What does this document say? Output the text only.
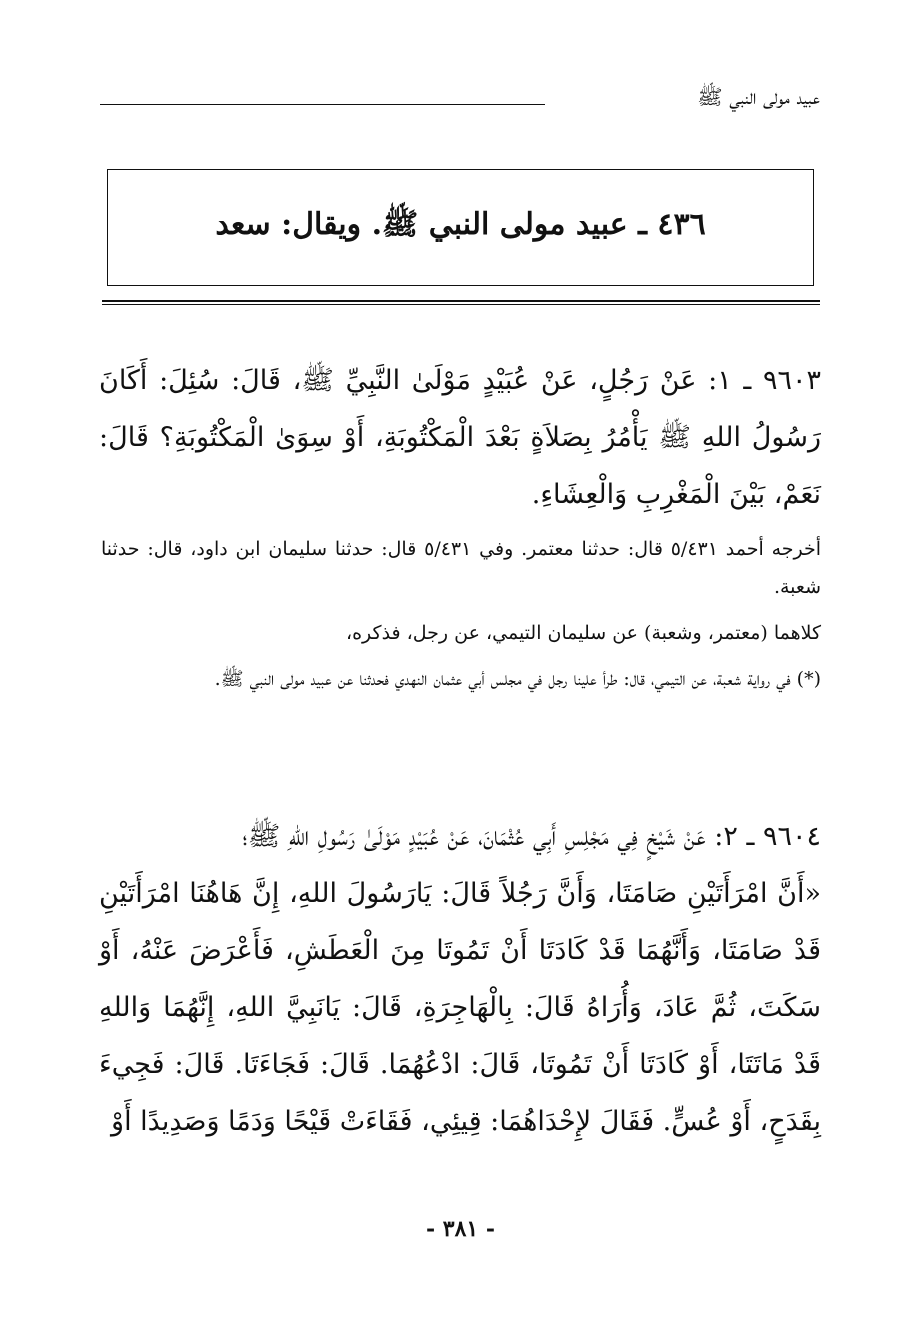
عبيد مولى النبي ﷺ
٤٣٦ ـ عبيد مولى النبي ﷺ. ويقال: سعد

٩٦٠٣ ـ ١: عَنْ رَجُلٍ، عَنْ عُبَيْدٍ مَوْلَىٰ النَّبِيِّ ﷺ، قَالَ: سُئِلَ: أَكَانَ رَسُولُ اللهِ ﷺ يَأْمُرُ بِصَلاَةٍ بَعْدَ الْمَكْتُوبَةِ، أَوْ سِوَىٰ الْمَكْتُوبَةِ؟ قَالَ: نَعَمْ، بَيْنَ الْمَغْرِبِ وَالْعِشَاءِ.

أخرجه أحمد ٥/٤٣١ قال: حدثنا معتمر. وفي ٥/٤٣١ قال: حدثنا سليمان ابن داود، قال: حدثنا شعبة.

كلاهما (معتمر، وشعبة) عن سليمان التيمي، عن رجل، فذكره،

(*) في رواية شعبة، عن التيمي، قال: طرأ علينا رجل في مجلس أبي عثمان النهدي فحدثنا عن عبيد مولى النبي ﷺ.

٩٦٠٤ ـ ٢: عَنْ شَيْخٍ فِي مَجْلِسِ أَبِي عُثْمَانَ، عَنْ عُبَيْدٍ مَوْلَىٰ رَسُولِ اللهِ ﷺ؛

«أَنَّ امْرَأَتَيْنِ صَامَتَا، وَأَنَّ رَجُلاً قَالَ: يَارَسُولَ اللهِ، إِنَّ هَاهُنَا امْرَأَتَيْنِ قَدْ صَامَتَا، وَأَنَّهُمَا قَدْ كَادَتَا أَنْ تَمُوتَا مِنَ الْعَطَشِ، فَأَعْرَضَ عَنْهُ، أَوْ سَكَتَ، ثُمَّ عَادَ، وَأُرَاهُ قَالَ: بِالْهَاجِرَةِ، قَالَ: يَانَبِيَّ اللهِ، إِنَّهُمَا وَاللهِ قَدْ مَاتَتَا، أَوْ كَادَتَا أَنْ تَمُوتَا، قَالَ: ادْعُهُمَا. قَالَ: فَجَاءَتَا. قَالَ: فَجِيءَ بِقَدَحٍ، أَوْ عُسٍّ. فَقَالَ لإِحْدَاهُمَا: قِيئِي، فَقَاءَتْ قَيْحًا وَدَمًا وَصَدِيدًا أَوْ

- ٣٨١ -
